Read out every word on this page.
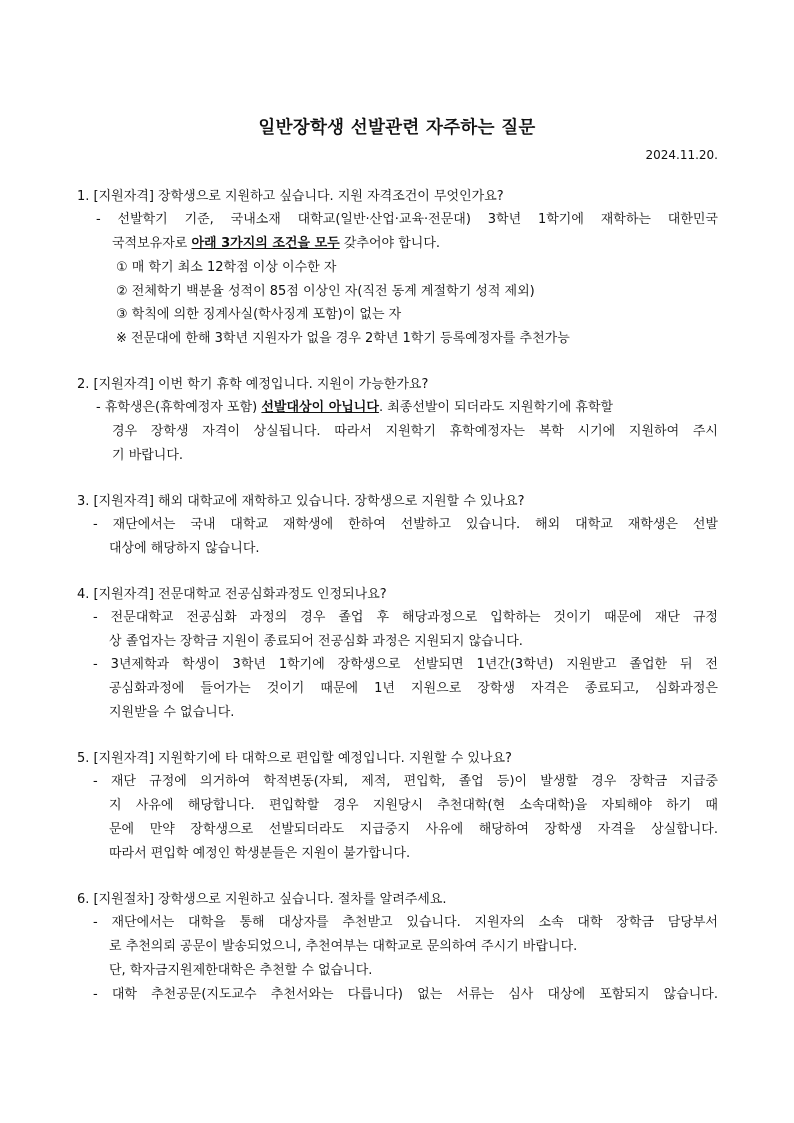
일반장학생 선발관련 자주하는 질문
2024.11.20.
1. [지원자격] 장학생으로 지원하고 싶습니다. 지원 자격조건이 무엇인가요?
- 선발학기 기준, 국내소재 대학교(일반·산업·교육·전문대) 3학년 1학기에 재학하는 대한민국
국적보유자로 아래 3가지의 조건을 모두 갖추어야 합니다.
① 매 학기 최소 12학점 이상 이수한 자
② 전체학기 백분율 성적이 85점 이상인 자(직전 동계 계절학기 성적 제외)
③ 학칙에 의한 징계사실(학사징계 포함)이 없는 자
※ 전문대에 한해 3학년 지원자가 없을 경우 2학년 1학기 등록예정자를 추천가능
2. [지원자격] 이번 학기 휴학 예정입니다. 지원이 가능한가요?
- 휴학생은(휴학예정자 포함) 선발대상이 아닙니다. 최종선발이 되더라도 지원학기에 휴학할
경우 장학생 자격이 상실됩니다. 따라서 지원학기 휴학예정자는 복학 시기에 지원하여 주시
기 바랍니다.
3. [지원자격] 해외 대학교에 재학하고 있습니다. 장학생으로 지원할 수 있나요?
- 재단에서는 국내 대학교 재학생에 한하여 선발하고 있습니다. 해외 대학교 재학생은 선발
대상에 해당하지 않습니다.
4. [지원자격] 전문대학교 전공심화과정도 인정되나요?
- 전문대학교 전공심화 과정의 경우 졸업 후 해당과정으로 입학하는 것이기 때문에 재단 규정
상 졸업자는 장학금 지원이 종료되어 전공심화 과정은 지원되지 않습니다.
- 3년제학과 학생이 3학년 1학기에 장학생으로 선발되면 1년간(3학년) 지원받고 졸업한 뒤 전
공심화과정에 들어가는 것이기 때문에 1년 지원으로 장학생 자격은 종료되고, 심화과정은
지원받을 수 없습니다.
5. [지원자격] 지원학기에 타 대학으로 편입할 예정입니다. 지원할 수 있나요?
- 재단 규정에 의거하여 학적변동(자퇴, 제적, 편입학, 졸업 등)이 발생할 경우 장학금 지급중
지 사유에 해당합니다. 편입학할 경우 지원당시 추천대학(현 소속대학)을 자퇴해야 하기 때
문에 만약 장학생으로 선발되더라도 지급중지 사유에 해당하여 장학생 자격을 상실합니다.
따라서 편입학 예정인 학생분들은 지원이 불가합니다.
6. [지원절차] 장학생으로 지원하고 싶습니다. 절차를 알려주세요.
- 재단에서는 대학을 통해 대상자를 추천받고 있습니다. 지원자의 소속 대학 장학금 담당부서
로 추천의뢰 공문이 발송되었으니, 추천여부는 대학교로 문의하여 주시기 바랍니다.
단, 학자금지원제한대학은 추천할 수 없습니다.
- 대학 추천공문(지도교수 추천서와는 다릅니다) 없는 서류는 심사 대상에 포함되지 않습니다.
